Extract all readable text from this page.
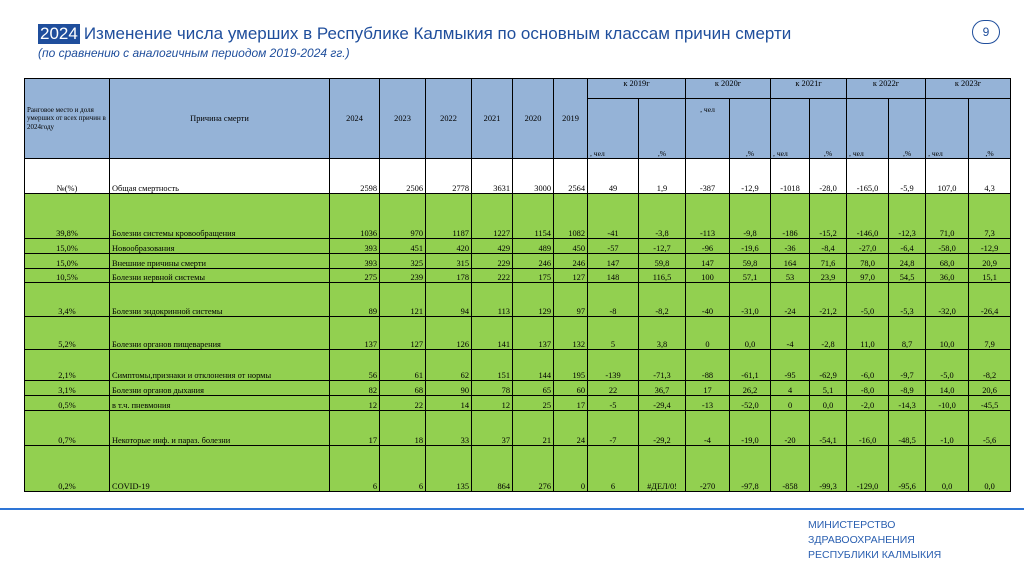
2024 Изменение числа умерших в Республике Калмыкия по основным классам причин смерти
(по сравнению с аналогичным периодом 2019-2024 гг.)
9
Ранговое место и доля умерших от всех причин в 2024году	Причина смерти	2024	2023	2022	2021	2020	2019	к 2019г		к 2020г		к 2021г		к 2022г		к 2023г	
								, чел	,%	, чел	,%	, чел	,%	, чел	,%	, чел	,%
№(%)	Общая смертность	2598	2506	2778	3631	3000	2564	49	1,9	-387	-12,9	-1018	-28,0	-165,0	-5,9	107,0	4,3
39,8%	Болезни системы кровообращения	1036	970	1187	1227	1154	1082	-41	-3,8	-113	-9,8	-186	-15,2	-146,0	-12,3	71,0	7,3
15,0%	Новообразования	393	451	420	429	489	450	-57	-12,7	-96	-19,6	-36	-8,4	-27,0	-6,4	-58,0	-12,9
15,0%	Внешние причины смерти	393	325	315	229	246	246	147	59,8	147	59,8	164	71,6	78,0	24,8	68,0	20,9
10,5%	Болезни нервной системы	275	239	178	222	175	127	148	116,5	100	57,1	53	23,9	97,0	54,5	36,0	15,1
3,4%	Болезни эндокринной системы	89	121	94	113	129	97	-8	-8,2	-40	-31,0	-24	-21,2	-5,0	-5,3	-32,0	-26,4
5,2%	Болезни органов пищеварения	137	127	126	141	137	132	5	3,8	0	0,0	-4	-2,8	11,0	8,7	10,0	7,9
2,1%	Симптомы,признаки и отклонения от нормы	56	61	62	151	144	195	-139	-71,3	-88	-61,1	-95	-62,9	-6,0	-9,7	-5,0	-8,2
3,1%	Болезни органов дыхания	82	68	90	78	65	60	22	36,7	17	26,2	4	5,1	-8,0	-8,9	14,0	20,6
0,5%	в т.ч. пневмония	12	22	14	12	25	17	-5	-29,4	-13	-52,0	0	0,0	-2,0	-14,3	-10,0	-45,5
0,7%	Некоторые инф. и параз. болезни	17	18	33	37	21	24	-7	-29,2	-4	-19,0	-20	-54,1	-16,0	-48,5	-1,0	-5,6
0,2%	COVID-19	6	6	135	864	276	0	6	#ДЕЛ/0!	-270	-97,8	-858	-99,3	-129,0	-95,6	0,0	0,0
МИНИСТЕРСТВО
ЗДРАВООХРАНЕНИЯ
РЕСПУБЛИКИ КАЛМЫКИЯ
